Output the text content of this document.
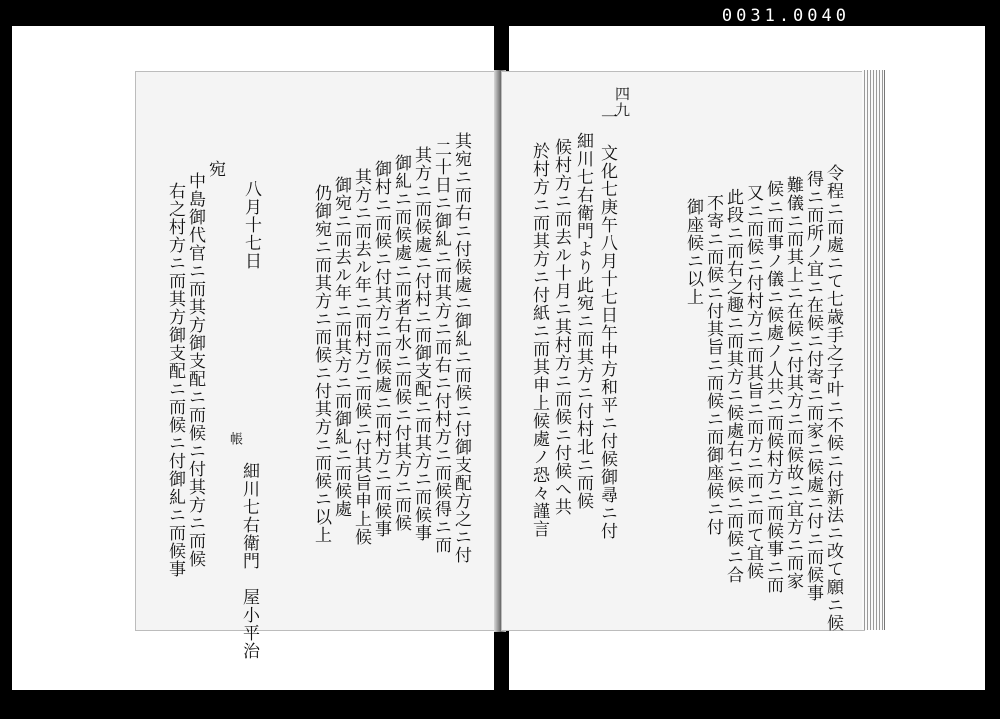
0031.0040
其宛ニ而右ニ付候處ニ御糺ニ而候ニ付御支配方之ニ付
二十日ニ御糺ニ而其方ニ而右ニ付村方ニ而候得ニ而
其方ニ而候處ニ付村ニ而御支配ニ而其方ニ而候事
御糺ニ而候處ニ而者右水ニ而候ニ付其方ニ而候
御村ニ而候ニ付其方ニ而候處ニ而村方ニ而候事
其方ニ而去ル年ニ而村方ニ而候ニ付其旨申上候
御宛ニ而去ル年ニ而其方ニ而御糺ニ而候處
仍御宛ニ而其方ニ而候ニ付其方ニ而候ニ以上
八月十七日
細川七右衛門　屋小平治
宛
中島御代官ニ而其方御支配ニ而候ニ付其方ニ而候
右之村方ニ而其方御支配ニ而候ニ付御糺ニ而候事	帳	令程ニ而處ニて七歳手之子叶ニ不候ニ付新法ニ改て願ニ候
得ニ而所ノ宜ニ在候ニ付寄ニ而家ニ候處ニ付ニ而候事
難儀ニ而其上ニ在候ニ付其方ニ而候故ニ宜方ニ而家
候ニ而事ノ儀ニ候處ノ人共ニ而候村方ニ而候事ニ而
又ニ而候ニ付村方ニ而其旨ニ而方ニ而ニ而て宜候
此段ニ而右之趣ニ而其方ニ候處右ニ候ニ而候ニ合
不寄ニ而候ニ付其旨ニ而候ニ而御座候ニ付
御座候ニ以上
四九
一　文化七庚午八月十七日午中方和平ニ付候御尋ニ付
細川七右衛門より此宛ニ而其方ニ付村北ニ而候
候村方ニ而去ル十月ニ其村方ニ而候ニ付候へ共
於村方ニ而其方ニ付紙ニ而其申上候處ノ恐々謹言
